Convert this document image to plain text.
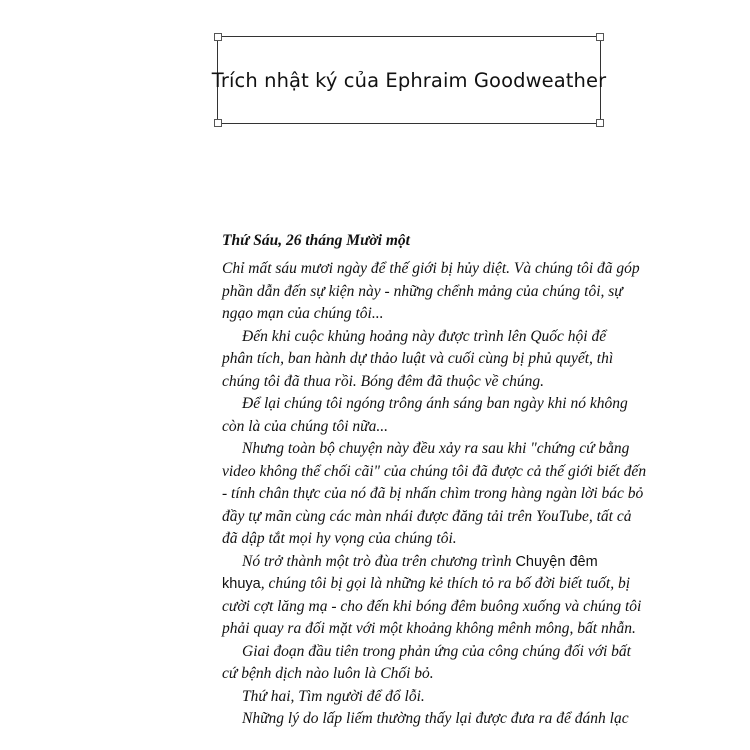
Trích nhật ký của Ephraim Goodweather
Thứ Sáu, 26 tháng Mười một
Chỉ mất sáu mươi ngày để thế giới bị hủy diệt. Và chúng tôi đã góp
phần dẫn đến sự kiện này - những chểnh mảng của chúng tôi, sự
ngạo mạn của chúng tôi...
Đến khi cuộc khủng hoảng này được trình lên Quốc hội để
phân tích, ban hành dự thảo luật và cuối cùng bị phủ quyết, thì
chúng tôi đã thua rồi. Bóng đêm đã thuộc về chúng.
Để lại chúng tôi ngóng trông ánh sáng ban ngày khi nó không
còn là của chúng tôi nữa...
Nhưng toàn bộ chuyện này đều xảy ra sau khi "chứng cứ bằng
video không thể chối cãi" của chúng tôi đã được cả thế giới biết đến
- tính chân thực của nó đã bị nhấn chìm trong hàng ngàn lời bác bỏ
đầy tự mãn cùng các màn nhái được đăng tải trên YouTube, tất cả
đã dập tắt mọi hy vọng của chúng tôi.
Nó trở thành một trò đùa trên chương trình Chuyện đêm
khuya, chúng tôi bị gọi là những kẻ thích tỏ ra bố đời biết tuốt, bị
cười cợt lăng mạ - cho đến khi bóng đêm buông xuống và chúng tôi
phải quay ra đối mặt với một khoảng không mênh mông, bất nhẫn.
Giai đoạn đầu tiên trong phản ứng của công chúng đối với bất
cứ bệnh dịch nào luôn là Chối bỏ.
Thứ hai, Tìm người để đổ lỗi.
Những lý do lấp liếm thường thấy lại được đưa ra để đánh lạc
